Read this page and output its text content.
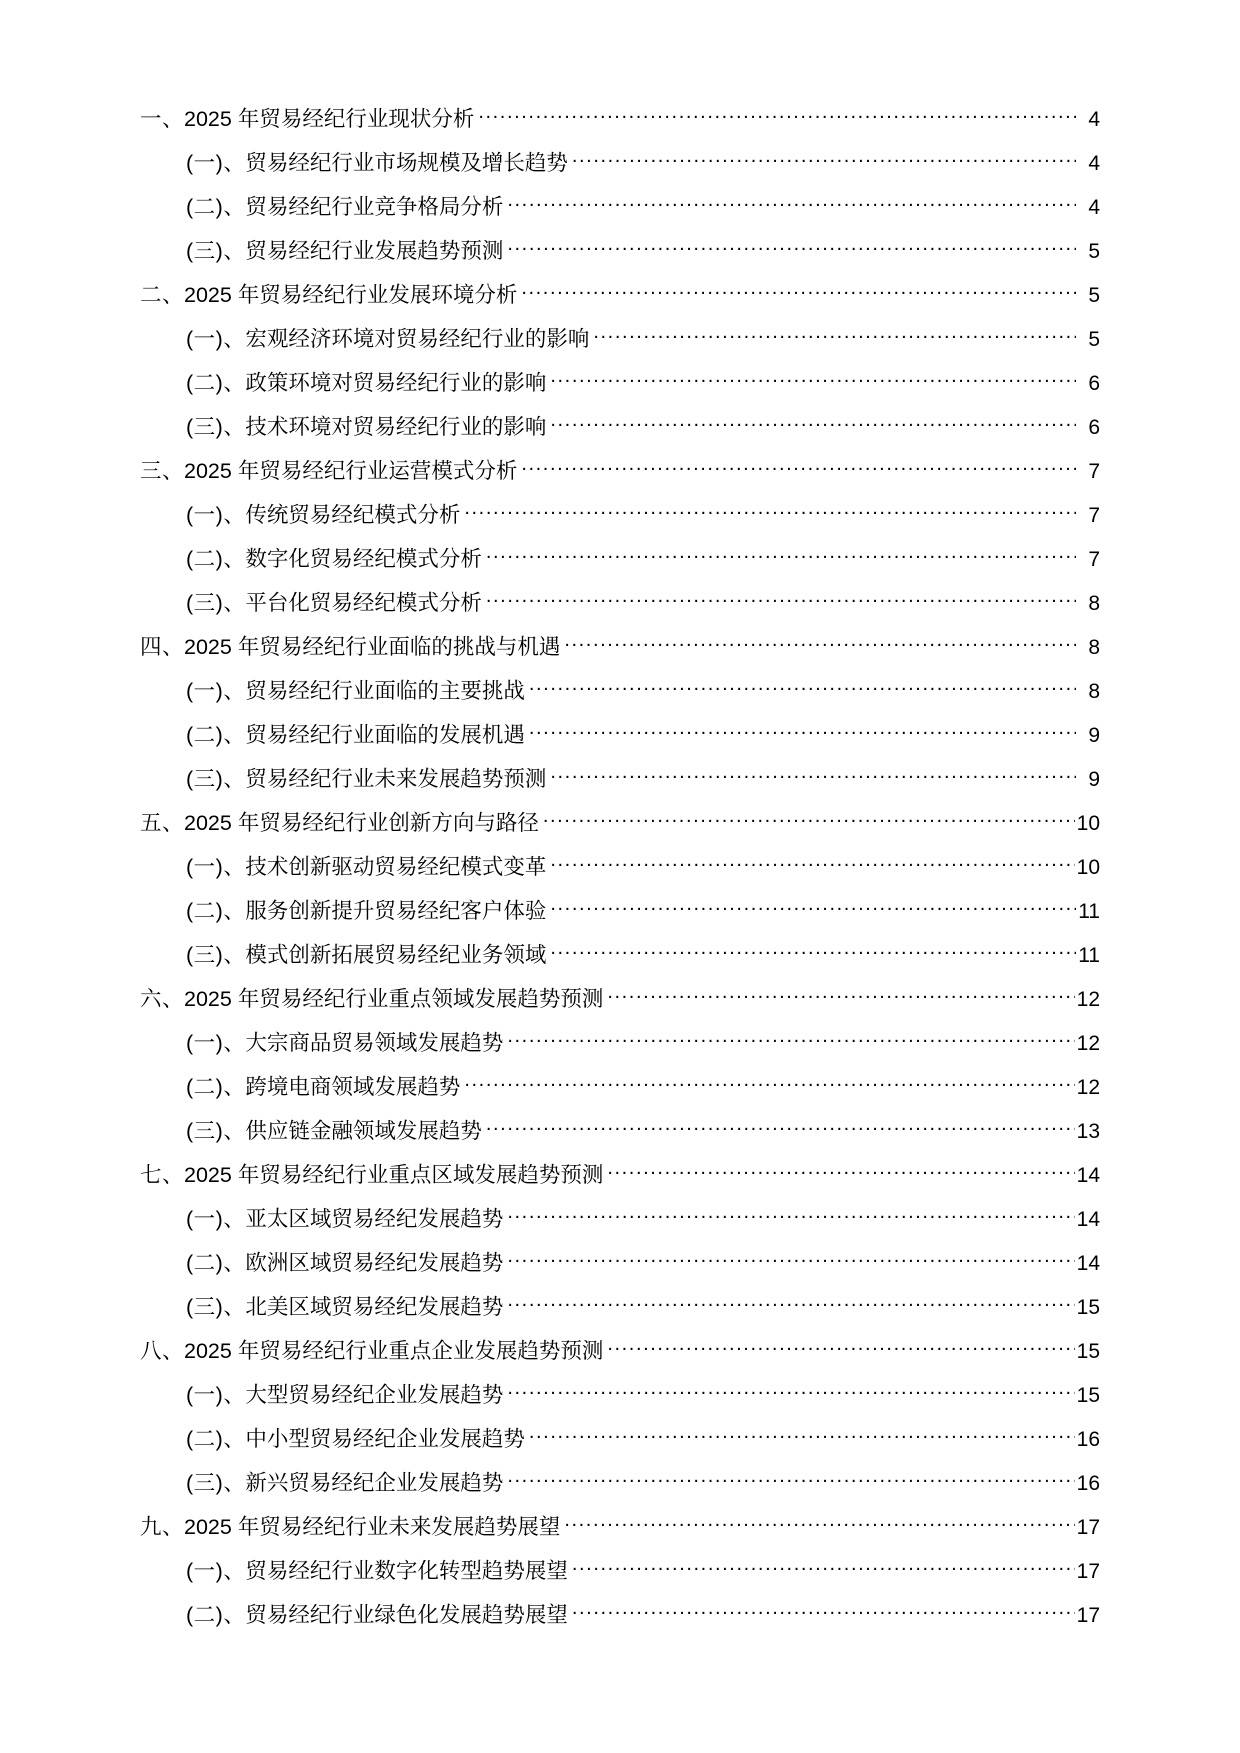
一、 2025 年贸易经纪行业现状分析 .....	4
(一)、 贸易经纪行业市场规模及增长趋势 .....	4
(二)、 贸易经纪行业竞争格局分析 .....	4
(三)、 贸易经纪行业发展趋势预测 .....	5
二、 2025 年贸易经纪行业发展环境分析 .....	5
(一)、 宏观经济环境对贸易经纪行业的影响 .....	5
(二)、 政策环境对贸易经纪行业的影响 .....	6
(三)、 技术环境对贸易经纪行业的影响 .....	6
三、 2025 年贸易经纪行业运营模式分析 .....	7
(一)、 传统贸易经纪模式分析 .....	7
(二)、 数字化贸易经纪模式分析 .....	7
(三)、 平台化贸易经纪模式分析 .....	8
四、 2025 年贸易经纪行业面临的挑战与机遇 .....	8
(一)、 贸易经纪行业面临的主要挑战 .....	8
(二)、 贸易经纪行业面临的发展机遇 .....	9
(三)、 贸易经纪行业未来发展趋势预测 .....	9
五、 2025 年贸易经纪行业创新方向与路径 .....	10
(一)、 技术创新驱动贸易经纪模式变革 .....	10
(二)、 服务创新提升贸易经纪客户体验 .....	11
(三)、 模式创新拓展贸易经纪业务领域 .....	11
六、 2025 年贸易经纪行业重点领域发展趋势预测 .....	12
(一)、 大宗商品贸易领域发展趋势 .....	12
(二)、 跨境电商领域发展趋势 .....	12
(三)、 供应链金融领域发展趋势 .....	13
七、 2025 年贸易经纪行业重点区域发展趋势预测 .....	14
(一)、 亚太区域贸易经纪发展趋势 .....	14
(二)、 欧洲区域贸易经纪发展趋势 .....	14
(三)、 北美区域贸易经纪发展趋势 .....	15
八、 2025 年贸易经纪行业重点企业发展趋势预测 .....	15
(一)、 大型贸易经纪企业发展趋势 .....	15
(二)、 中小型贸易经纪企业发展趋势 .....	16
(三)、 新兴贸易经纪企业发展趋势 .....	16
九、 2025 年贸易经纪行业未来发展趋势展望 .....	17
(一)、 贸易经纪行业数字化转型趋势展望 .....	17
(二)、 贸易经纪行业绿色化发展趋势展望 .....	17
